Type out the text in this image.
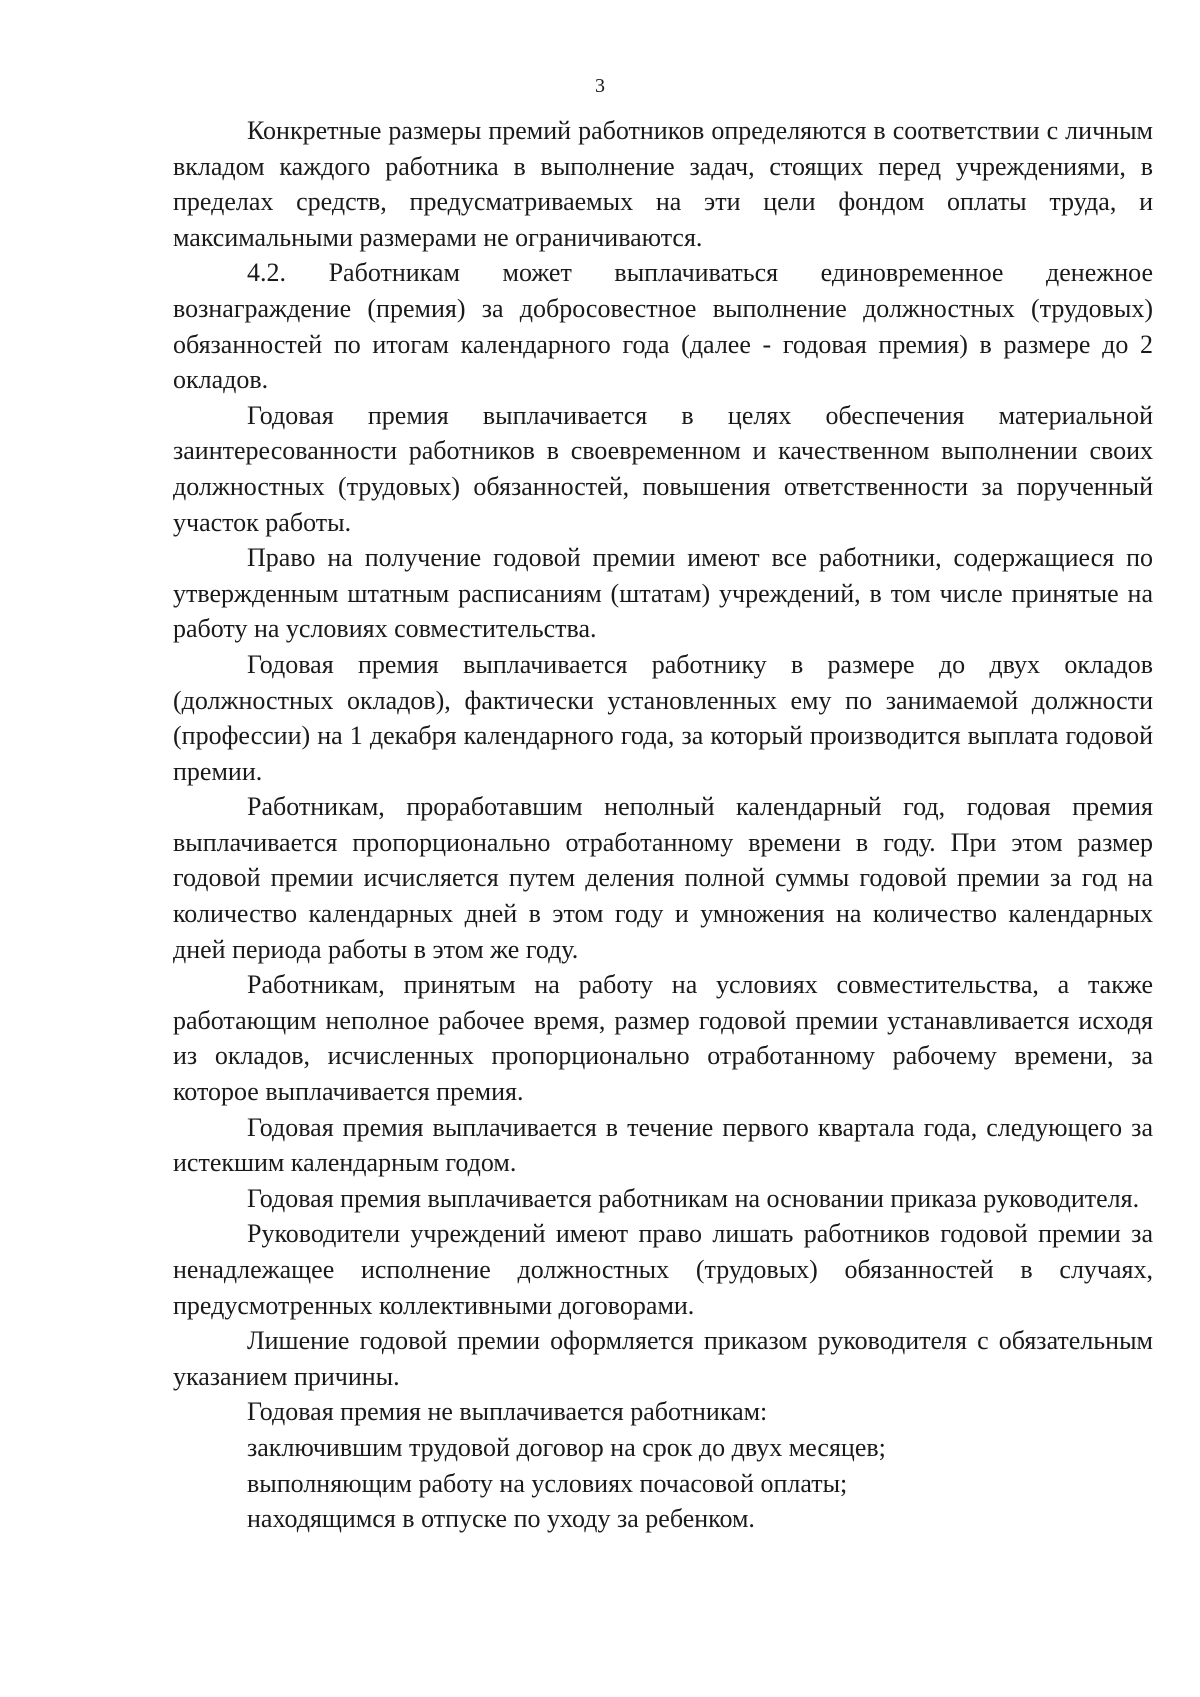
3

Конкретные размеры премий работников определяются в соответствии с личным вкладом каждого работника в выполнение задач, стоящих перед учреждениями, в пределах средств, предусматриваемых на эти цели фондом оплаты труда, и максимальными размерами не ограничиваются.

4.2. Работникам может выплачиваться единовременное денежное вознаграждение (премия) за добросовестное выполнение должностных (трудовых) обязанностей по итогам календарного года (далее - годовая премия) в размере до 2 окладов.

Годовая премия выплачивается в целях обеспечения материальной заинтересованности работников в своевременном и качественном выполнении своих должностных (трудовых) обязанностей, повышения ответственности за порученный участок работы.

Право на получение годовой премии имеют все работники, содержащиеся по утвержденным штатным расписаниям (штатам) учреждений, в том числе принятые на работу на условиях совместительства.

Годовая премия выплачивается работнику в размере до двух окладов (должностных окладов), фактически установленных ему по занимаемой должности (профессии) на 1 декабря календарного года, за который производится выплата годовой премии.

Работникам, проработавшим неполный календарный год, годовая премия выплачивается пропорционально отработанному времени в году. При этом размер годовой премии исчисляется путем деления полной суммы годовой премии за год на количество календарных дней в этом году и умножения на количество календарных дней периода работы в этом же году.

Работникам, принятым на работу на условиях совместительства, а также работающим неполное рабочее время, размер годовой премии устанавливается исходя из окладов, исчисленных пропорционально отработанному рабочему времени, за которое выплачивается премия.

Годовая премия выплачивается в течение первого квартала года, следующего за истекшим календарным годом.

Годовая премия выплачивается работникам на основании приказа руководителя.

Руководители учреждений имеют право лишать работников годовой премии за ненадлежащее исполнение должностных (трудовых) обязанностей в случаях, предусмотренных коллективными договорами.

Лишение годовой премии оформляется приказом руководителя с обязательным указанием причины.

Годовая премия не выплачивается работникам:

заключившим трудовой договор на срок до двух месяцев;

выполняющим работу на условиях почасовой оплаты;

находящимся в отпуске по уходу за ребенком.
